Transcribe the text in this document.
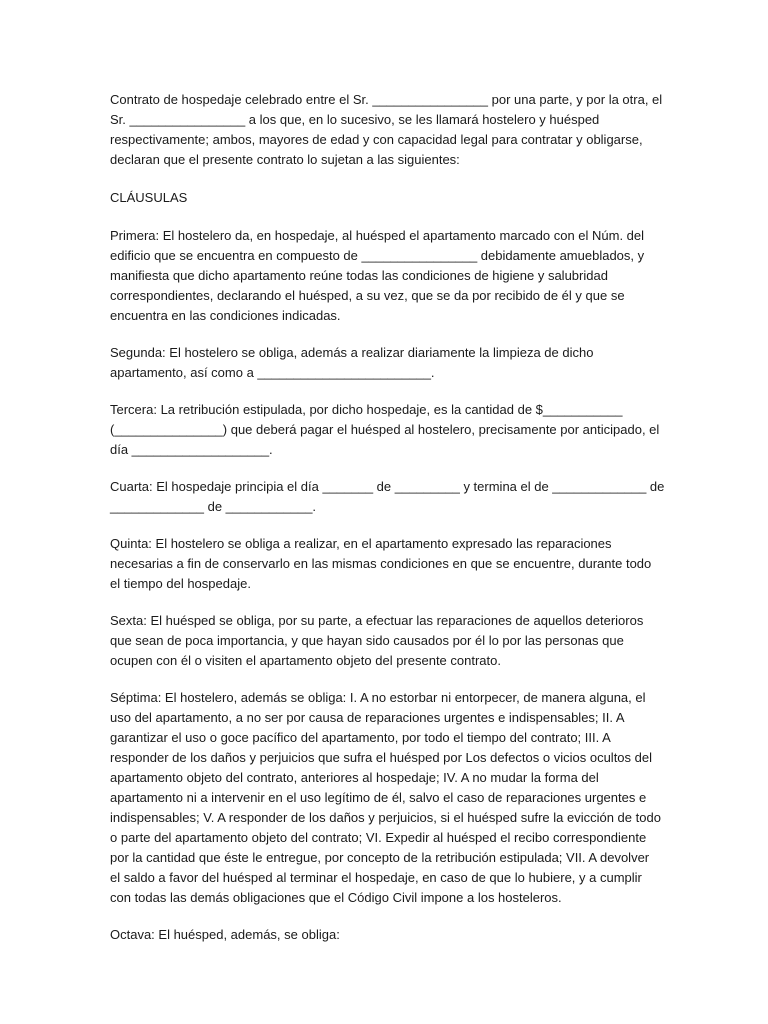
Contrato de hospedaje celebrado entre el Sr. ________________ por una parte, y por la otra, el
Sr. ________________ a los que, en lo sucesivo, se les llamará hostelero y huésped
respectivamente; ambos, mayores de edad y con capacidad legal para contratar y obligarse,
declaran que el presente contrato lo sujetan a las siguientes:
CLÁUSULAS
Primera: El hostelero da, en hospedaje, al huésped el apartamento marcado con el Núm. del
edificio que se encuentra en compuesto de ________________ debidamente amueblados, y
manifiesta que dicho apartamento reúne todas las condiciones de higiene y salubridad
correspondientes, declarando el huésped, a su vez, que se da por recibido de él y que se
encuentra en las condiciones indicadas.
Segunda: El hostelero se obliga, además a realizar diariamente la limpieza de dicho
apartamento, así como a ________________________.
Tercera: La retribución estipulada, por dicho hospedaje, es la cantidad de $___________
(_______________) que deberá pagar el huésped al hostelero, precisamente por anticipado, el
día ___________________.
Cuarta: El hospedaje principia el día _______ de _________ y termina el de _____________ de
_____________ de ____________.
Quinta: El hostelero se obliga a realizar, en el apartamento expresado las reparaciones
necesarias a fin de conservarlo en las mismas condiciones en que se encuentre, durante todo
el tiempo del hospedaje.
Sexta: El huésped se obliga, por su parte, a efectuar las reparaciones de aquellos deterioros
que sean de poca importancia, y que hayan sido causados por él lo por las personas que
ocupen con él o visiten el apartamento objeto del presente contrato.
Séptima: El hostelero, además se obliga: I. A no estorbar ni entorpecer, de manera alguna, el
uso del apartamento, a no ser por causa de reparaciones urgentes e indispensables; II. A
garantizar el uso o goce pacífico del apartamento, por todo el tiempo del contrato; III. A
responder de los daños y perjuicios que sufra el huésped por Los defectos o vicios ocultos del
apartamento objeto del contrato, anteriores al hospedaje; IV. A no mudar la forma del
apartamento ni a intervenir en el uso legítimo de él, salvo el caso de reparaciones urgentes e
indispensables; V. A responder de los daños y perjuicios, si el huésped sufre la evicción de todo
o parte del apartamento objeto del contrato; VI. Expedir al huésped el recibo correspondiente
por la cantidad que éste le entregue, por concepto de la retribución estipulada; VII. A devolver
el saldo a favor del huésped al terminar el hospedaje, en caso de que lo hubiere, y a cumplir
con todas las demás obligaciones que el Código Civil impone a los hosteleros.
Octava: El huésped, además, se obliga:
